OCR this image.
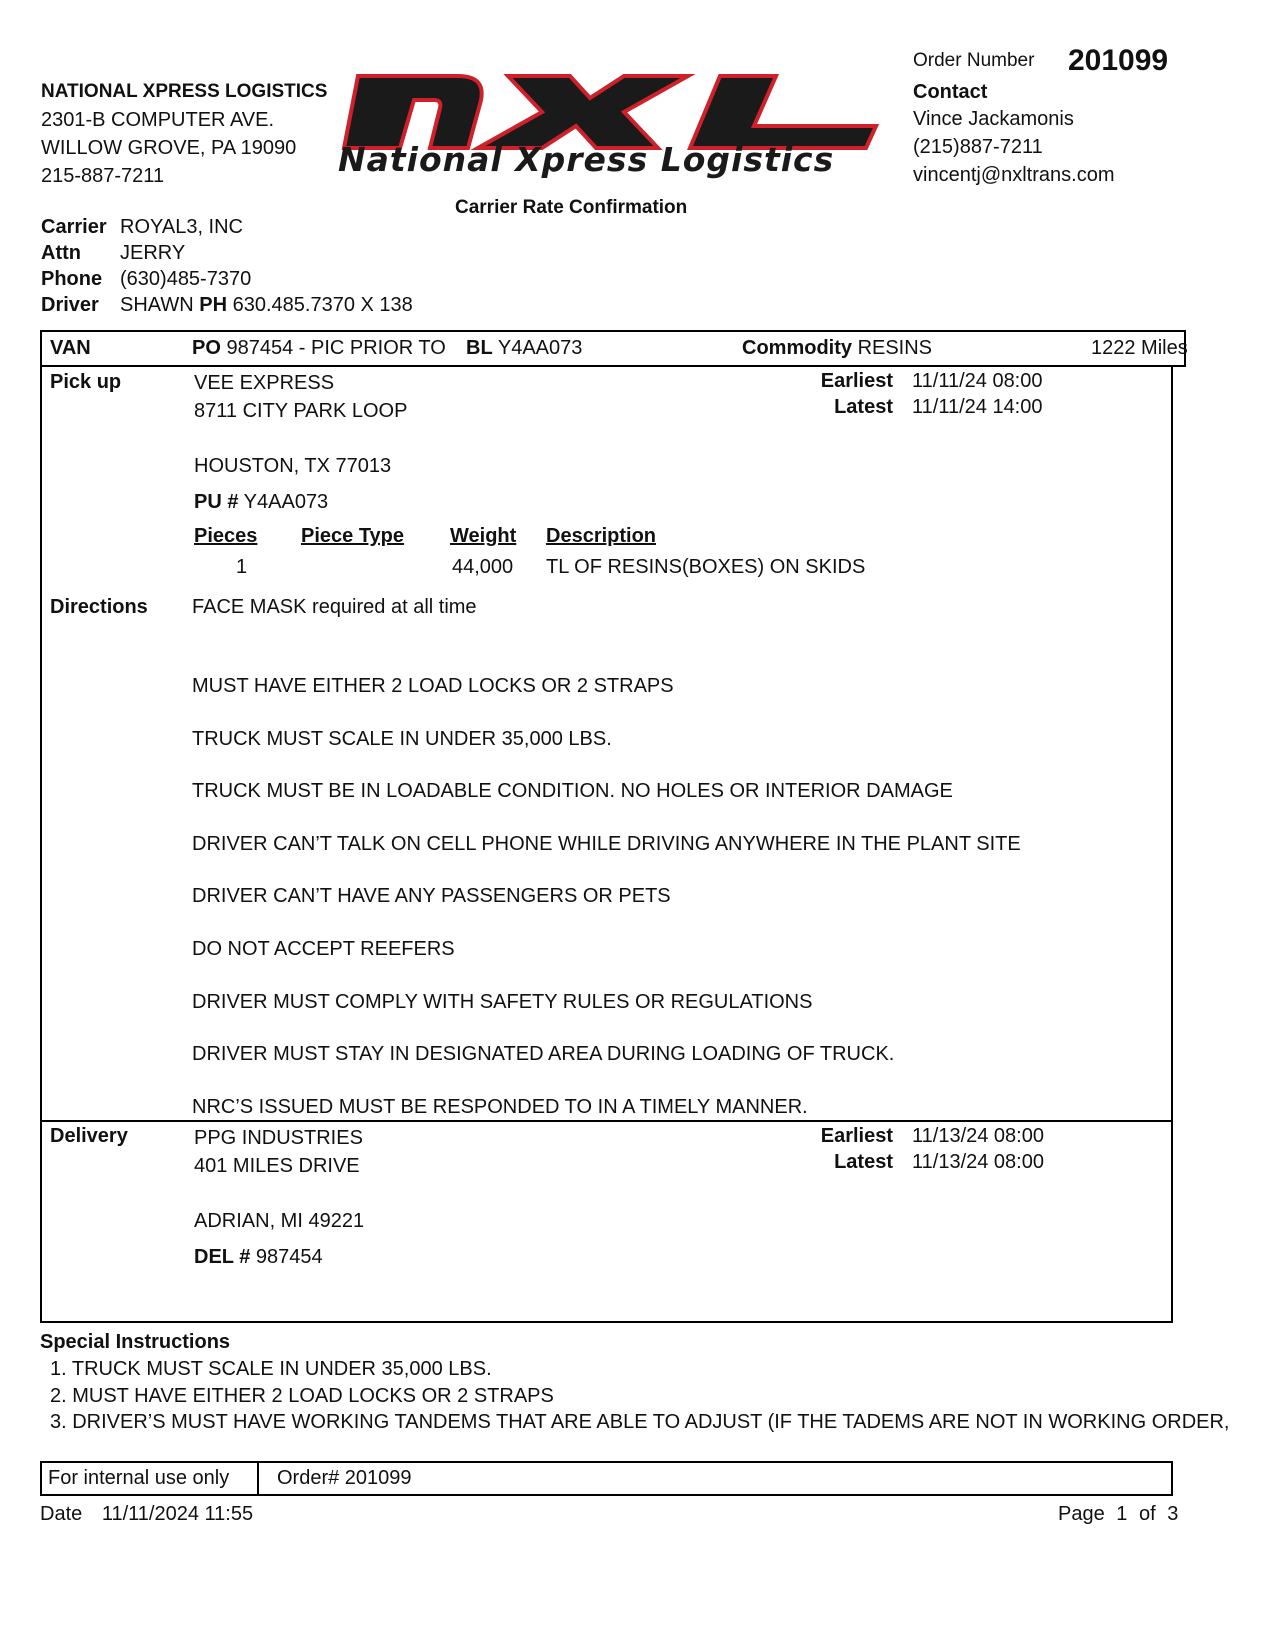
NATIONAL XPRESS LOGISTICS
2301-B COMPUTER AVE.
WILLOW GROVE, PA 19090
215-887-7211	National Xpress Logistics
Order Number 201099
Contact
Vince Jackamonis
(215)887-7211
vincentj@nxltrans.com
Carrier Rate Confirmation
Carrier ROYAL3, INC
Attn JERRY
Phone (630)485-7370
Driver SHAWN PH 630.485.7370 X 138
VAN	PO 987454 - PIC PRIOR TO BL Y4AA073	Commodity RESINS	1222 Miles
Pick up	VEE EXPRESS
8711 CITY PARK LOOP
HOUSTON, TX 77013
Earliest 11/11/24 08:00
Latest 11/11/24 14:00
PU # Y4AA073
Pieces Piece Type Weight Description
1	44,000 TL OF RESINS(BOXES) ON SKIDS
Directions FACE MASK required at all time
MUST HAVE EITHER 2 LOAD LOCKS OR 2 STRAPS
TRUCK MUST SCALE IN UNDER 35,000 LBS.
TRUCK MUST BE IN LOADABLE CONDITION. NO HOLES OR INTERIOR DAMAGE
DRIVER CAN’T TALK ON CELL PHONE WHILE DRIVING ANYWHERE IN THE PLANT SITE
DRIVER CAN’T HAVE ANY PASSENGERS OR PETS
DO NOT ACCEPT REEFERS
DRIVER MUST COMPLY WITH SAFETY RULES OR REGULATIONS
DRIVER MUST STAY IN DESIGNATED AREA DURING LOADING OF TRUCK.
NRC’S ISSUED MUST BE RESPONDED TO IN A TIMELY MANNER.
Delivery	PPG INDUSTRIES
401 MILES DRIVE
ADRIAN, MI 49221
Earliest 11/13/24 08:00
Latest 11/13/24 08:00
DEL # 987454
Special Instructions
1. TRUCK MUST SCALE IN UNDER 35,000 LBS.
2. MUST HAVE EITHER 2 LOAD LOCKS OR 2 STRAPS
3. DRIVER’S MUST HAVE WORKING TANDEMS THAT ARE ABLE TO ADJUST (IF THE TADEMS ARE NOT IN WORKING ORDER,
For internal use only Order# 201099
Date 11/11/2024 11:55	Page 1 of 3
